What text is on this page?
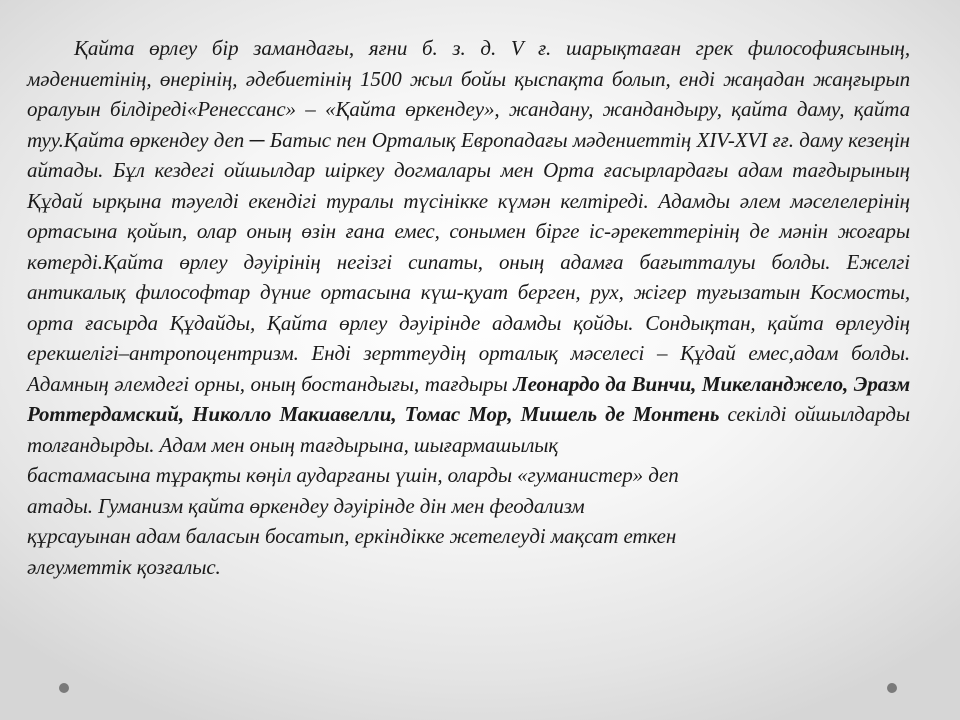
Қайта өрлеу бір замандағы, яғни б. з. д. V ғ. шарықтаған грек философиясының, мәдениетінің, өнерінің, әдебиетінің 1500 жыл бойы қыспақта болып, енді жаңадан жаңғырып оралуын білдіреді«Ренессанс» – «Қайта өркендеу», жандану, жандандыру, қайта даму, қайта туу.Қайта өркендеу деп ─ Батыс пен Орталық Европадағы мәдениеттің XIV-XVI ғғ. даму кезеңін айтады. Бұл кездегі ойшылдар шіркеу догмалары мен Орта ғасырлардағы адам тағдырының Құдай ырқына тәуелді екендігі туралы түсінікке күмән келтіреді. Адамды әлем мәселелерінің ортасына қойып, олар оның өзін ғана емес, сонымен бірге іс-әрекеттерінің де мәнін жоғары көтерді.Қайта өрлеу дәуірінің негізгі сипаты, оның адамға бағытталуы болды. Ежелгі антикалық философтар дүние ортасына күш-қуат берген, рух, жігер туғызатын Космосты, орта ғасырда Құдайды, Қайта өрлеу дәуірінде адамды қойды. Сондықтан, қайта өрлеудің ерекшелігі–антропоцентризм. Енді зерттеудің орталық мәселесі – Құдай емес,адам болды. Адамның әлемдегі орны, оның бостандығы, тағдыры Леонардо да Винчи, Микеланджело, Эразм Роттердамский, Николло Макиавелли, Томас Мор, Мишель де Монтень секілді ойшылдарды толғандырды. Адам мен оның тағдырына, шығармашылық

бастамасына тұрақты көңіл аударғаны үшін, оларды «гуманистер» деп
атады. Гуманизм қайта өркендеу дәуірінде дін мен феодализм
құрсауынан адам баласын босатып, еркіндікке жетелеуді мақсат еткен
әлеуметтік қозғалыс.
